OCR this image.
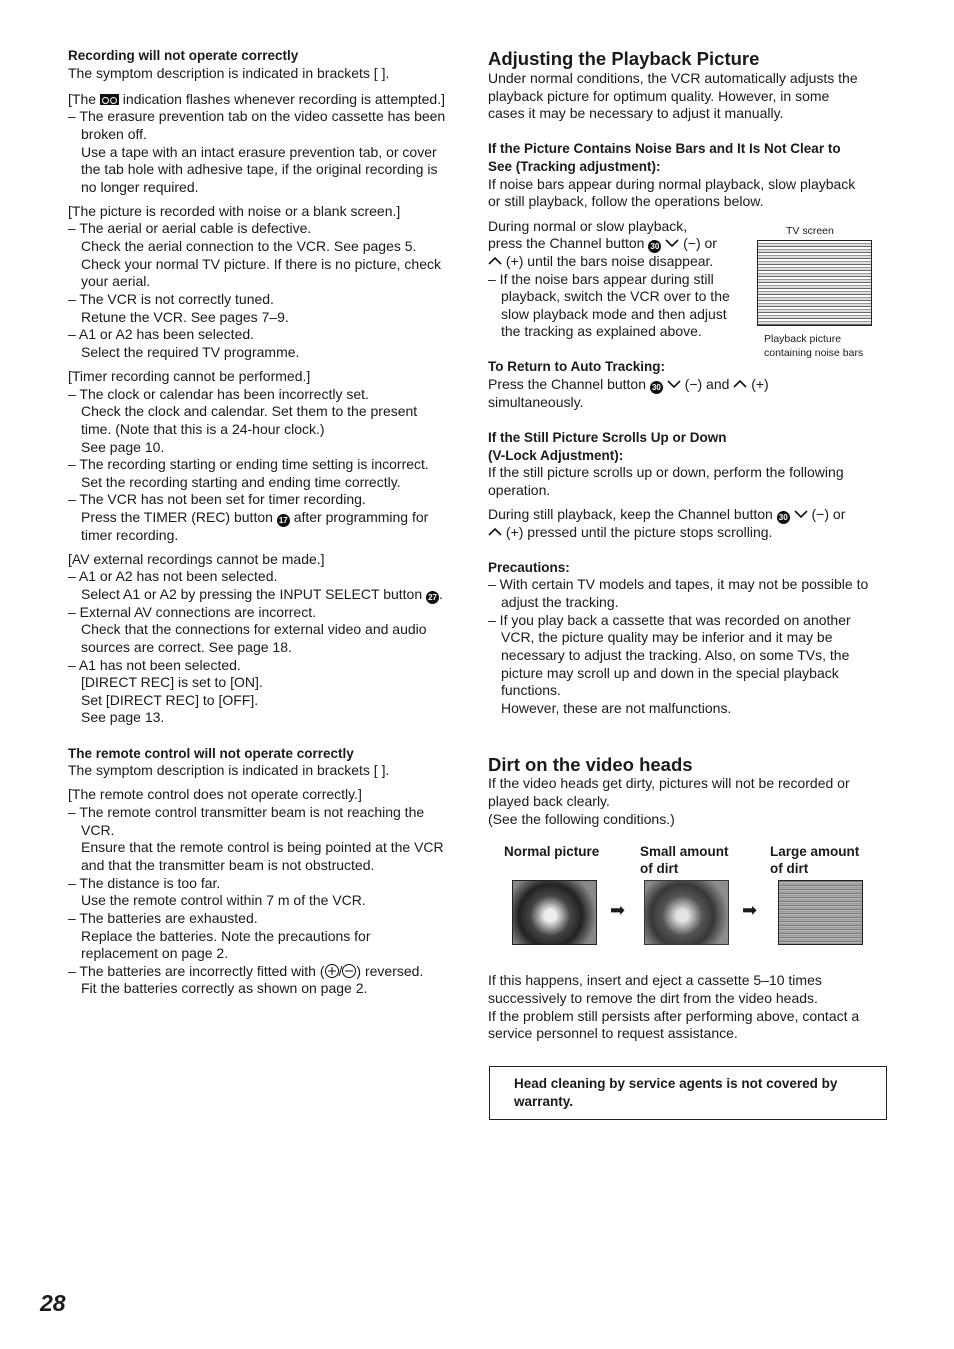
Recording will not operate correctly

The symptom description is indicated in brackets [ ].

[The indication flashes whenever recording is attempted.]

– The erasure prevention tab on the video cassette has been

broken off.

Use a tape with an intact erasure prevention tab, or cover

the tab hole with adhesive tape, if the original recording is

no longer required.

[The picture is recorded with noise or a blank screen.]

– The aerial or aerial cable is defective.

Check the aerial connection to the VCR. See pages 5.

Check your normal TV picture. If there is no picture, check

your aerial.

– The VCR is not correctly tuned.

Retune the VCR. See pages 7–9.

– A1 or A2 has been selected.

Select the required TV programme.

[Timer recording cannot be performed.]

– The clock or calendar has been incorrectly set.

Check the clock and calendar. Set them to the present

time. (Note that this is a 24-hour clock.)

See page 10.

– The recording starting or ending time setting is incorrect.

Set the recording starting and ending time correctly.

– The VCR has not been set for timer recording.

Press the TIMER (REC) button 17 after programming for

timer recording.

[AV external recordings cannot be made.]

– A1 or A2 has not been selected.

Select A1 or A2 by pressing the INPUT SELECT button 27 .

– External AV connections are incorrect.

Check that the connections for external video and audio

sources are correct. See page 18.

– A1 has not been selected.

[DIRECT REC] is set to [ON].

Set [DIRECT REC] to [OFF].

See page 13.

The remote control will not operate correctly

The symptom description is indicated in brackets [ ].

[The remote control does not operate correctly.]

– The remote control transmitter beam is not reaching the

VCR.

Ensure that the remote control is being pointed at the VCR

and that the transmitter beam is not obstructed.

– The distance is too far.

Use the remote control within 7 m of the VCR.

– The batteries are exhausted.

Replace the batteries. Note the precautions for

replacement on page 2.

– The batteries are incorrectly fitted with ( / ) reversed.

Fit the batteries correctly as shown on page 2.

Adjusting the Playback Picture

Under normal conditions, the VCR automatically adjusts the

playback picture for optimum quality. However, in some

cases it may be necessary to adjust it manually.

If the Picture Contains Noise Bars and It Is Not Clear to

See (Tracking adjustment):

If noise bars appear during normal playback, slow playback

or still playback, follow the operations below.

During normal or slow playback,

press the Channel button 30 (−) or

(+) until the bars noise disappear.

– If the noise bars appear during still

playback, switch the VCR over to the

slow playback mode and then adjust

the tracking as explained above.

TV screen

Playback picture

containing noise bars

To Return to Auto Tracking:

Press the Channel button 30 (−) and (+)

simultaneously.

If the Still Picture Scrolls Up or Down

(V-Lock Adjustment):

If the still picture scrolls up or down, perform the following

operation.

During still playback, keep the Channel button 30 (−) or

(+) pressed until the picture stops scrolling.

Precautions:

– With certain TV models and tapes, it may not be possible to

adjust the tracking.

– If you play back a cassette that was recorded on another

VCR, the picture quality may be inferior and it may be

necessary to adjust the tracking. Also, on some TVs, the

picture may scroll up and down in the special playback

functions.

However, these are not malfunctions.

Dirt on the video heads

If the video heads get dirty, pictures will not be recorded or

played back clearly.

(See the following conditions.)

Normal picture	Small amount

of dirt

Large amount

of dirt

➡	➡

If this happens, insert and eject a cassette 5–10 times

successively to remove the dirt from the video heads.

If the problem still persists after performing above, contact a

service personnel to request assistance.

Head cleaning by service agents is not covered by

warranty.

28
